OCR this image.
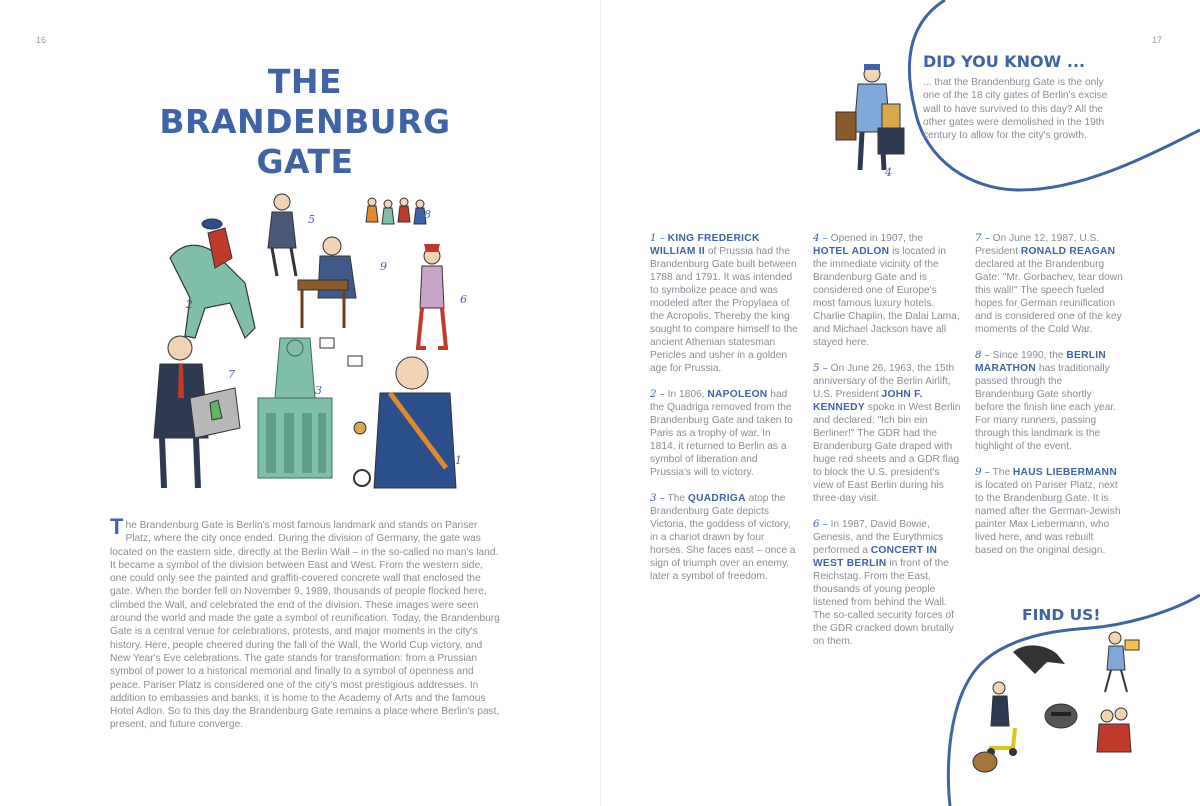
16	17
THE
BRANDENBURG
GATE
2
5	8
9
6
7
3
1
The Brandenburg Gate is Berlin's most famous landmark and stands on Pariser Platz, where the city once ended. During the division of Germany, the gate was located on the eastern side, directly at the Berlin Wall – in the so-called no man's land. It became a symbol of the division between East and West. From the western side, one could only see the painted and graffiti-covered concrete wall that enclosed the gate. When the border fell on November 9, 1989, thousands of people flocked here, climbed the Wall, and celebrated the end of the division. These images were seen around the world and made the gate a symbol of reunification. Today, the Brandenburg Gate is a central venue for celebrations, protests, and major moments in the city's history. Here, people cheered during the fall of the Wall, the World Cup victory, and New Year's Eve celebrations. The gate stands for transformation: from a Prussian symbol of power to a historical memorial and finally to a symbol of openness and peace. Pariser Platz is considered one of the city's most prestigious addresses. In addition to embassies and banks, it is home to the Academy of Arts and the famous Hotel Adlon. So to this day the Brandenburg Gate remains a place where Berlin's past, present, and future converge.
4
DID YOU KNOW ...
... that the Brandenburg Gate is the only one of the 18 city gates of Berlin's excise wall to have survived to this day? All the other gates were demolished in the 19th century to allow for the city's growth.
1 – KING FREDERICK WILLIAM II of Prussia had the Brandenburg Gate built between 1788 and 1791. It was intended to symbolize peace and was modeled after the Propylaea of the Acropolis. Thereby the king sought to compare himself to the ancient Athenian statesman Pericles and usher in a golden age for Prussia.
2 – In 1806, NAPOLEON had the Quadriga removed from the Brandenburg Gate and taken to Paris as a trophy of war. In 1814, it returned to Berlin as a symbol of liberation and Prussia's will to victory.
3 – The QUADRIGA atop the Brandenburg Gate depicts Victoria, the goddess of victory, in a chariot drawn by four horses. She faces east – once a sign of triumph over an enemy, later a symbol of freedom.
4 – Opened in 1907, the HOTEL ADLON is located in the immediate vicinity of the Brandenburg Gate and is considered one of Europe's most famous luxury hotels. Charlie Chaplin, the Dalai Lama, and Michael Jackson have all stayed here.
5 – On June 26, 1963, the 15th anniversary of the Berlin Airlift, U.S. President JOHN F. KENNEDY spoke in West Berlin and declared: "Ich bin ein Berliner!" The GDR had the Brandenburg Gate draped with huge red sheets and a GDR flag to block the U.S. president's view of East Berlin during his three-day visit.
6 – In 1987, David Bowie, Genesis, and the Eurythmics performed a CONCERT IN WEST BERLIN in front of the Reichstag. From the East, thousands of young people listened from behind the Wall. The so-called security forces of the GDR cracked down brutally on them.
7 – On June 12, 1987, U.S. President RONALD REAGAN declared at the Brandenburg Gate: "Mr. Gorbachev, tear down this wall!" The speech fueled hopes for German reunification and is considered one of the key moments of the Cold War.
8 – Since 1990, the BERLIN MARATHON has traditionally passed through the Brandenburg Gate shortly before the finish line each year. For many runners, passing through this landmark is the highlight of the event.
9 – The HAUS LIEBERMANN is located on Pariser Platz, next to the Brandenburg Gate. It is named after the German-Jewish painter Max Liebermann, who lived here, and was rebuilt based on the original design.
FIND US!
